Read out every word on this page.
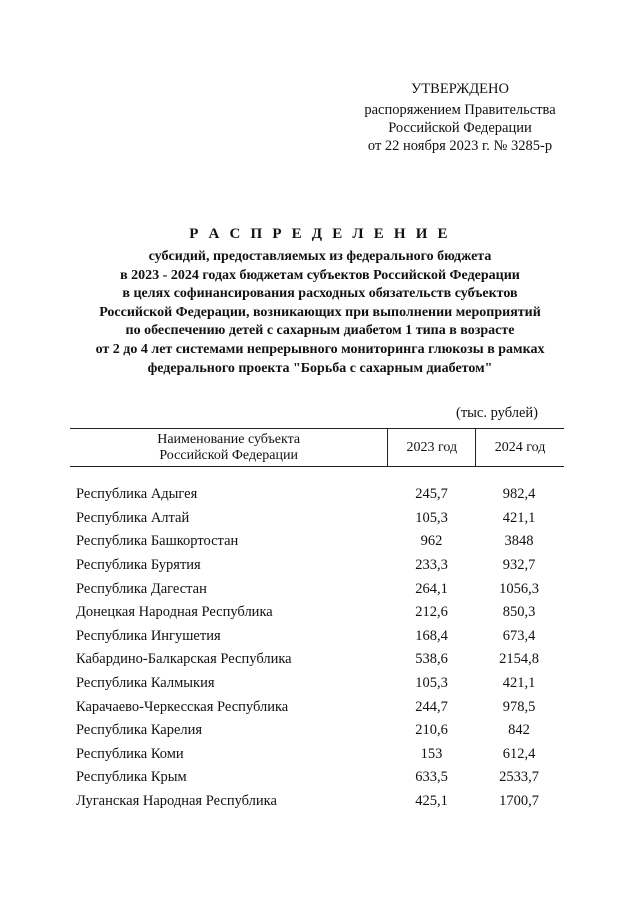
УТВЕРЖДЕНО
распоряжением Правительства
Российской Федерации
от 22 ноября 2023 г. № 3285-р
Р А С П Р Е Д Е Л Е Н И Е
субсидий, предоставляемых из федерального бюджета
в 2023 - 2024 годах бюджетам субъектов Российской Федерации
в целях софинансирования расходных обязательств субъектов
Российской Федерации, возникающих при выполнении мероприятий
по обеспечению детей с сахарным диабетом 1 типа в возрасте
от 2 до 4 лет системами непрерывного мониторинга глюкозы в рамках
федерального проекта "Борьба с сахарным диабетом"
(тыс. рублей)
Наименование субъекта
Российской Федерации
2023 год	2024 год
Республика Адыгея	245,7	982,4
Республика Алтай	105,3	421,1
Республика Башкортостан	962	3848
Республика Бурятия	233,3	932,7
Республика Дагестан	264,1	1056,3
Донецкая Народная Республика	212,6	850,3
Республика Ингушетия	168,4	673,4
Кабардино-Балкарская Республика	538,6	2154,8
Республика Калмыкия	105,3	421,1
Карачаево-Черкесская Республика	244,7	978,5
Республика Карелия	210,6	842
Республика Коми	153	612,4
Республика Крым	633,5	2533,7
Луганская Народная Республика	425,1	1700,7
